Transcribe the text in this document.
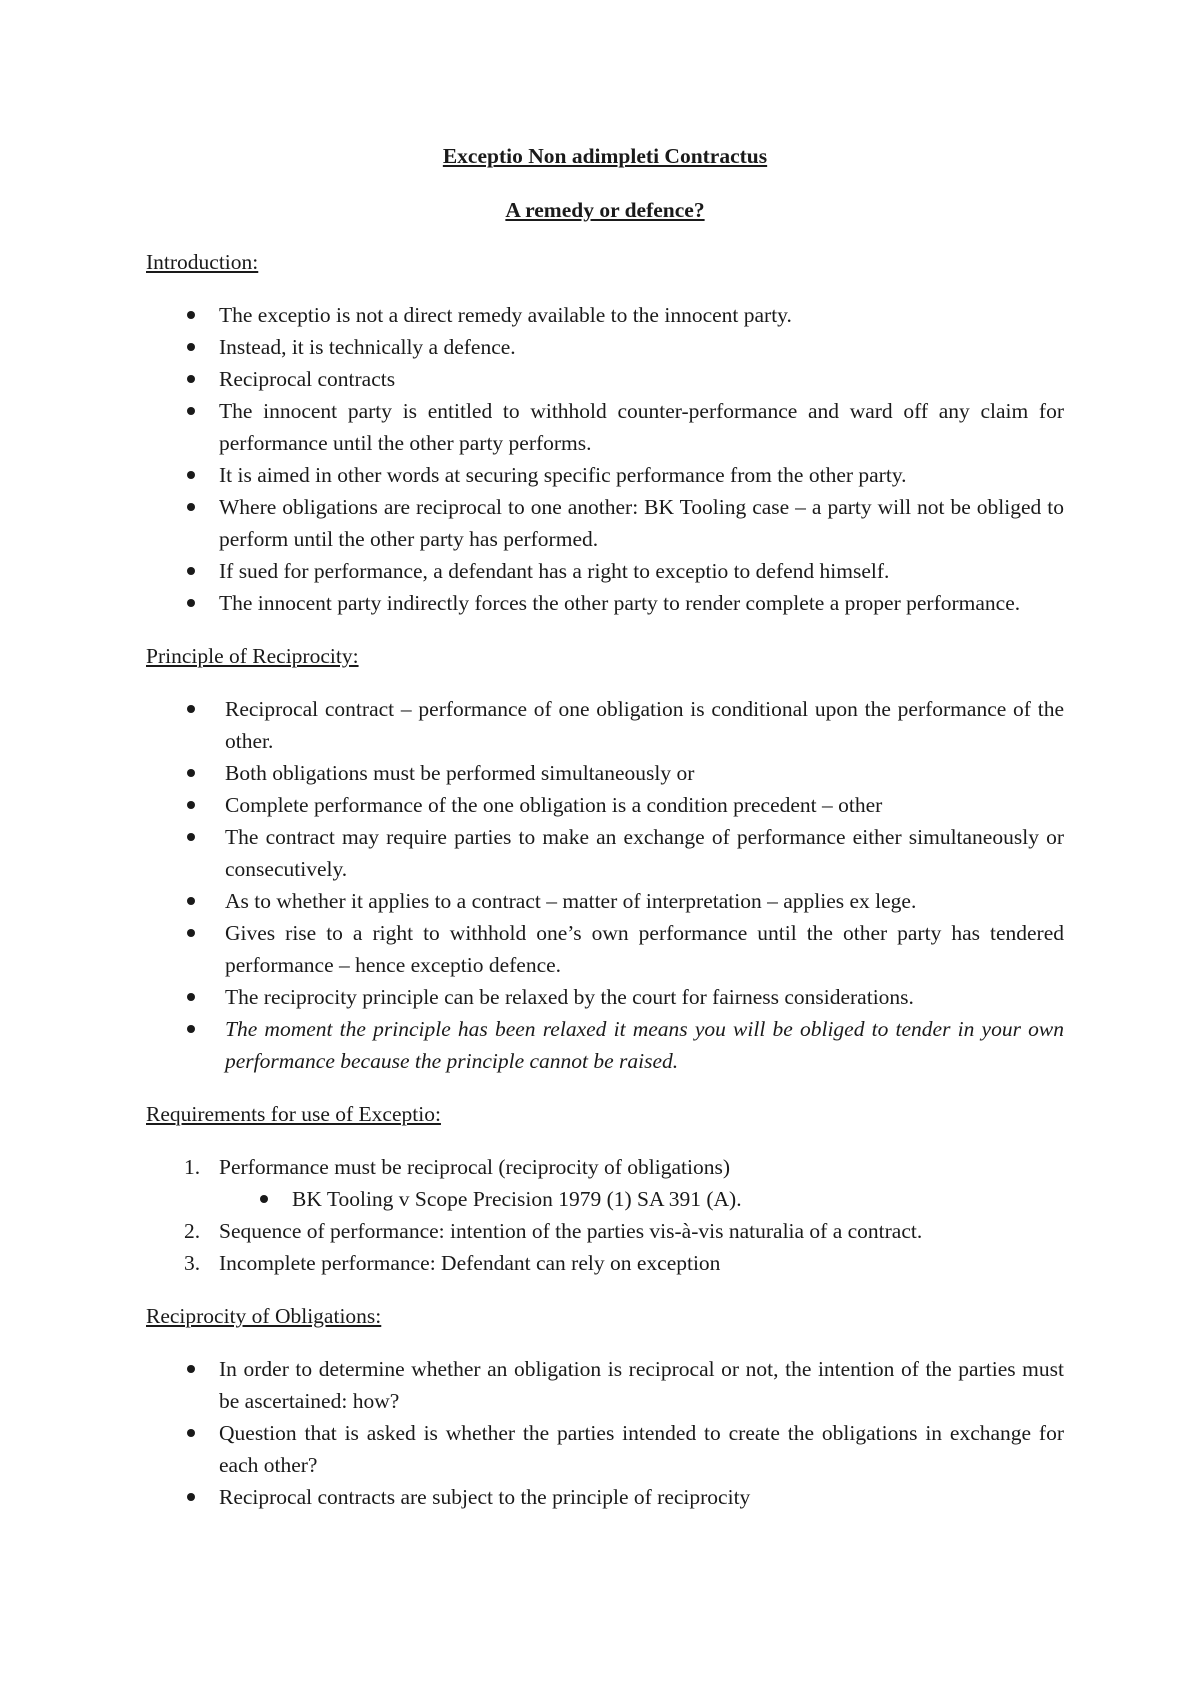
Exceptio Non adimpleti Contractus
A remedy or defence?

Introduction:

The exceptio is not a direct remedy available to the innocent party.
Instead, it is technically a defence.
Reciprocal contracts
The innocent party is entitled to withhold counter-performance and ward off any claim for performance until the other party performs.
It is aimed in other words at securing specific performance from the other party.
Where obligations are reciprocal to one another: BK Tooling case – a party will not be obliged to perform until the other party has performed.
If sued for performance, a defendant has a right to exceptio to defend himself.
The innocent party indirectly forces the other party to render complete a proper performance.

Principle of Reciprocity:

Reciprocal contract – performance of one obligation is conditional upon the performance of the other.
Both obligations must be performed simultaneously or
Complete performance of the one obligation is a condition precedent – other
The contract may require parties to make an exchange of performance either simultaneously or consecutively.
As to whether it applies to a contract – matter of interpretation – applies ex lege.
Gives rise to a right to withhold one’s own performance until the other party has tendered performance – hence exceptio defence.
The reciprocity principle can be relaxed by the court for fairness considerations.
The moment the principle has been relaxed it means you will be obliged to tender in your own performance because the principle cannot be raised.

Requirements for use of Exceptio:

1. Performance must be reciprocal (reciprocity of obligations)
BK Tooling v Scope Precision 1979 (1) SA 391 (A).
2. Sequence of performance: intention of the parties vis-à-vis naturalia of a contract.
3. Incomplete performance: Defendant can rely on exception

Reciprocity of Obligations:

In order to determine whether an obligation is reciprocal or not, the intention of the parties must be ascertained: how?
Question that is asked is whether the parties intended to create the obligations in exchange for each other?
Reciprocal contracts are subject to the principle of reciprocity
